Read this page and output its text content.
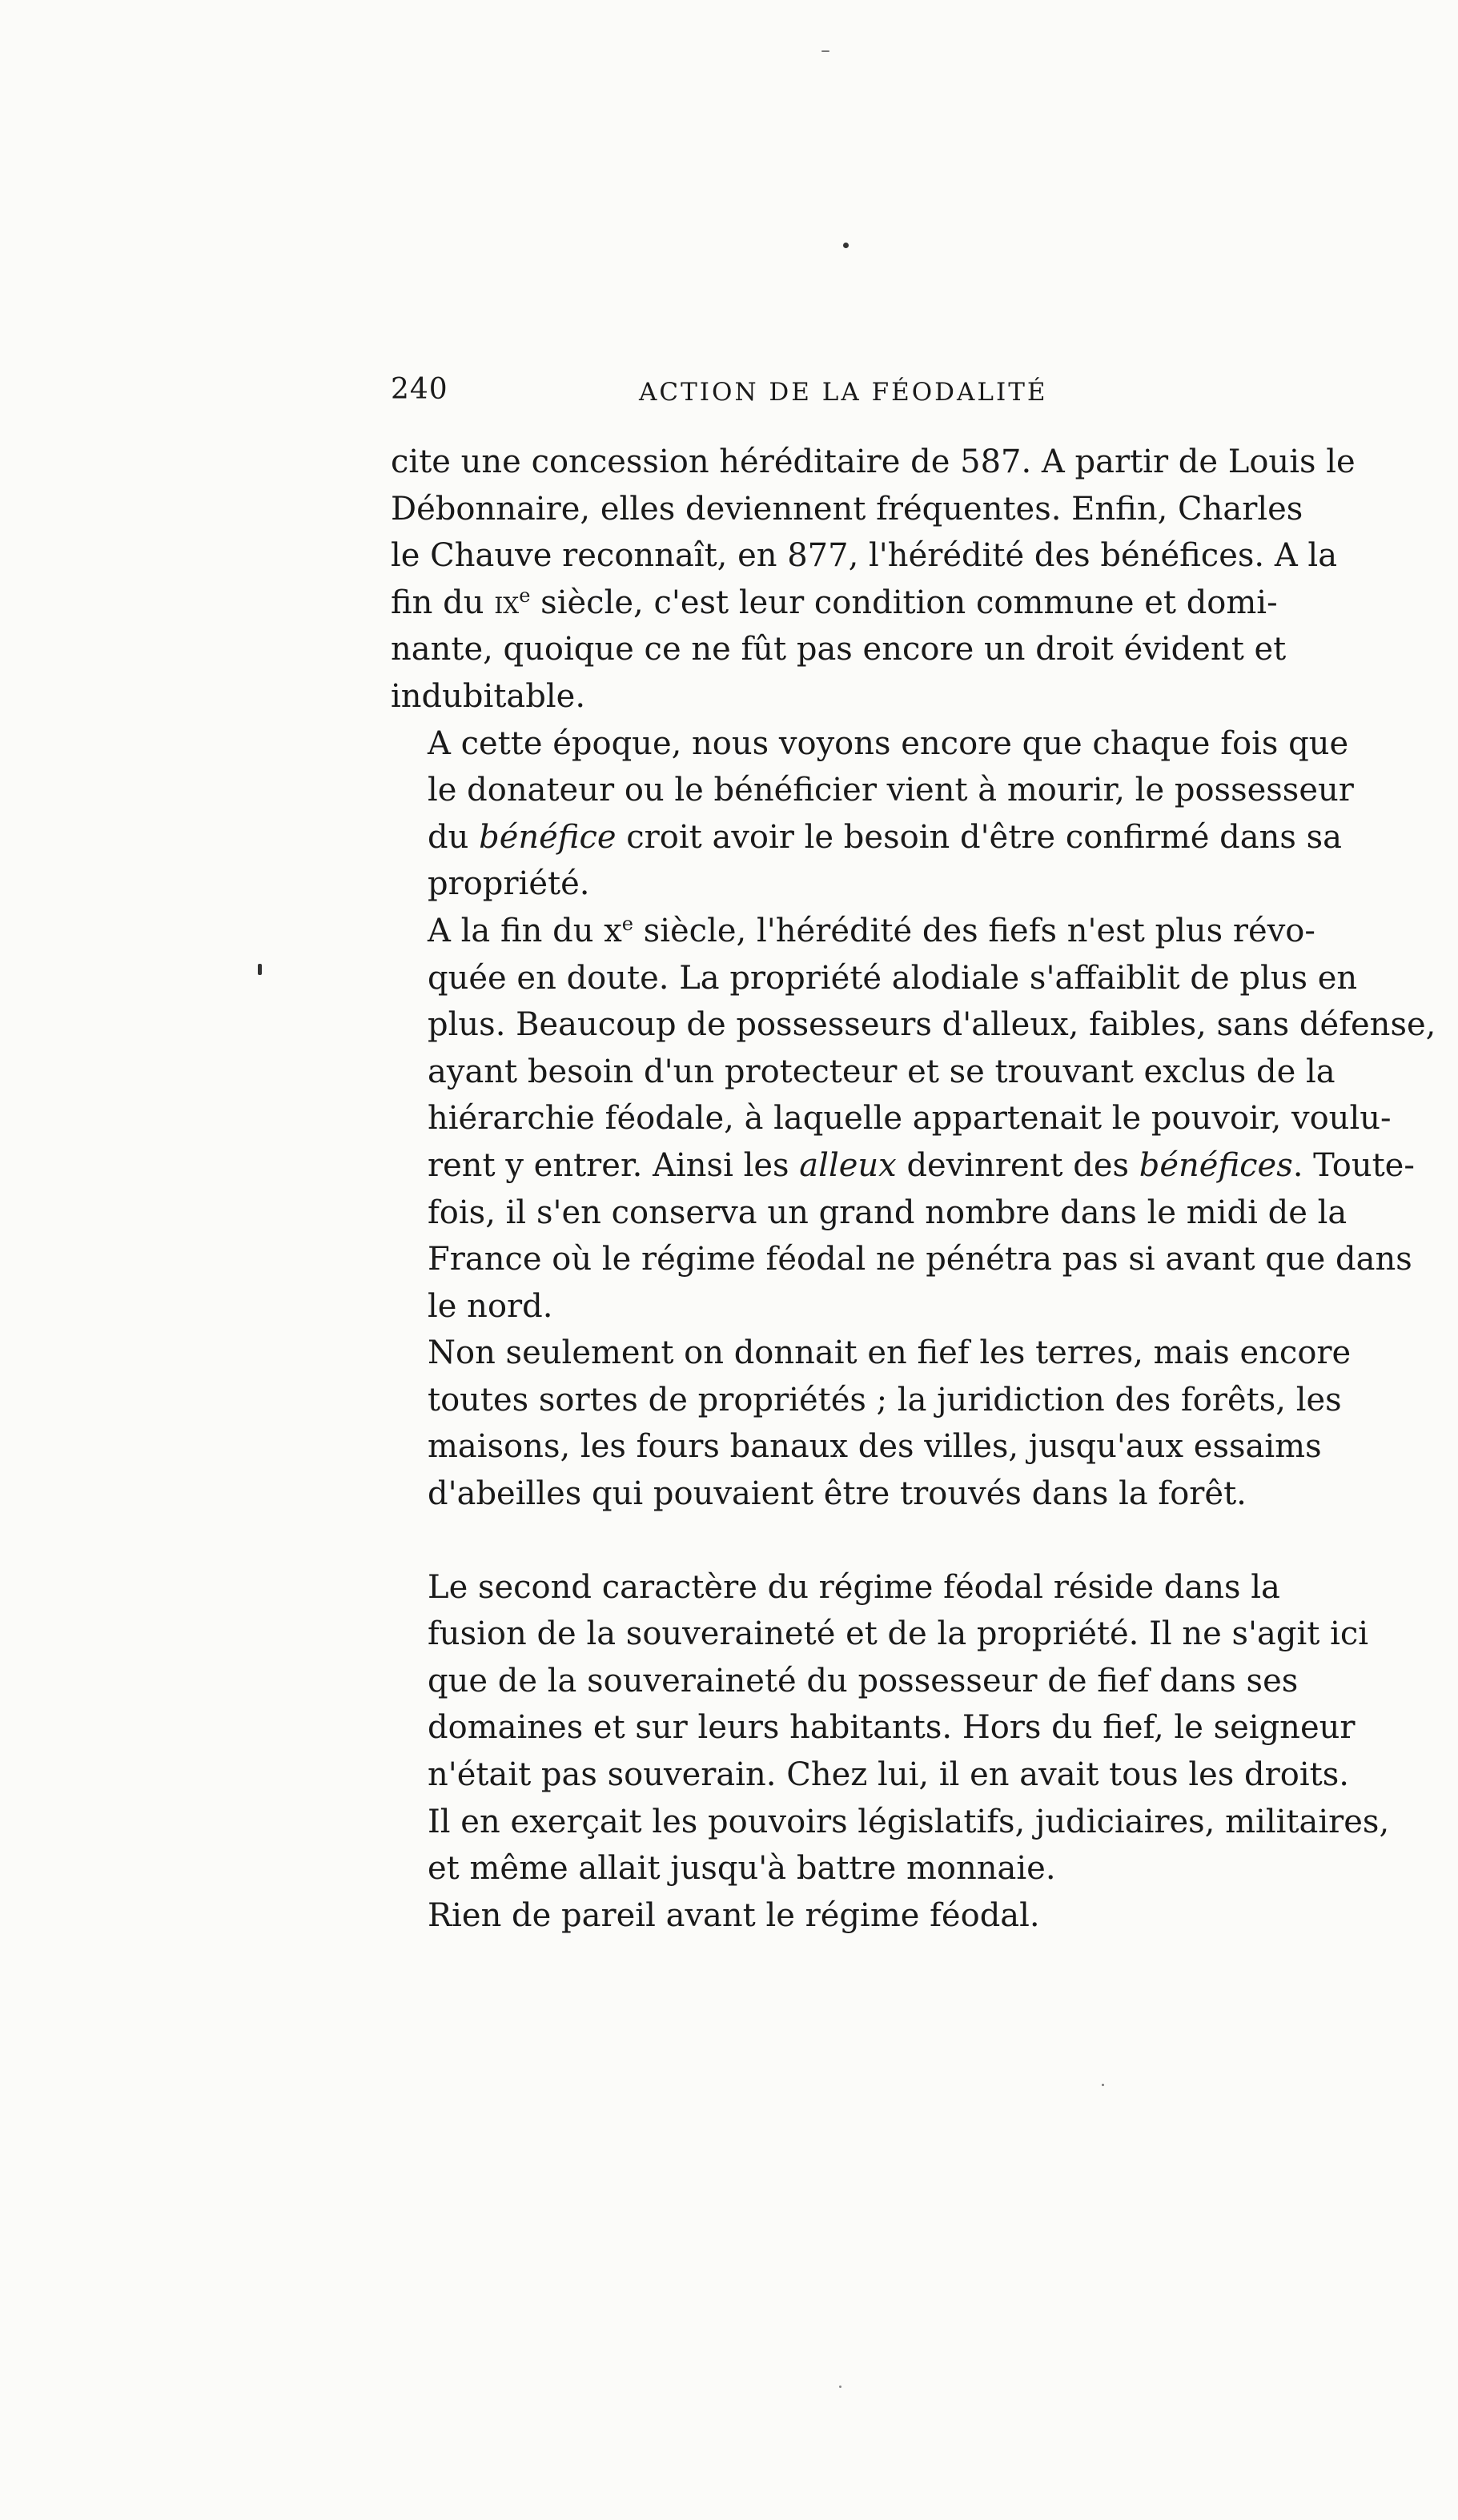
240	ACTION DE LA FÉODALITÉ

cite une concession héréditaire de 587. A partir de Louis le
Débonnaire, elles deviennent fréquentes. Enfin, Charles
le Chauve reconnaît, en 877, l'hérédité des bénéfices. A la
fin du $ix^e$ siècle, c'est leur condition commune et domi-
nante, quoique ce ne fût pas encore un droit évident et
indubitable.

A cette époque, nous voyons encore que chaque fois que
le donateur ou le bénéficier vient à mourir, le possesseur
du bénéfice croit avoir le besoin d'être confirmé dans sa
propriété.

A la fin du $x^e$ siècle, l'hérédité des fiefs n'est plus révo-
quée en doute. La propriété alodiale s'affaiblit de plus en
plus. Beaucoup de possesseurs d'alleux, faibles, sans défense,
ayant besoin d'un protecteur et se trouvant exclus de la
hiérarchie féodale, à laquelle appartenait le pouvoir, voulu-
rent y entrer. Ainsi les alleux devinrent des bénéfices. Toute-
fois, il s'en conserva un grand nombre dans le midi de la
France où le régime féodal ne pénétra pas si avant que dans
le nord.

Non seulement on donnait en fief les terres, mais encore
toutes sortes de propriétés ; la juridiction des forêts, les
maisons, les fours banaux des villes, jusqu'aux essaims
d'abeilles qui pouvaient être trouvés dans la forêt.

Le second caractère du régime féodal réside dans la
fusion de la souveraineté et de la propriété. Il ne s'agit ici
que de la souveraineté du possesseur de fief dans ses
domaines et sur leurs habitants. Hors du fief, le seigneur
n'était pas souverain. Chez lui, il en avait tous les droits.
Il en exerçait les pouvoirs législatifs, judiciaires, militaires,
et même allait jusqu'à battre monnaie.

Rien de pareil avant le régime féodal.
